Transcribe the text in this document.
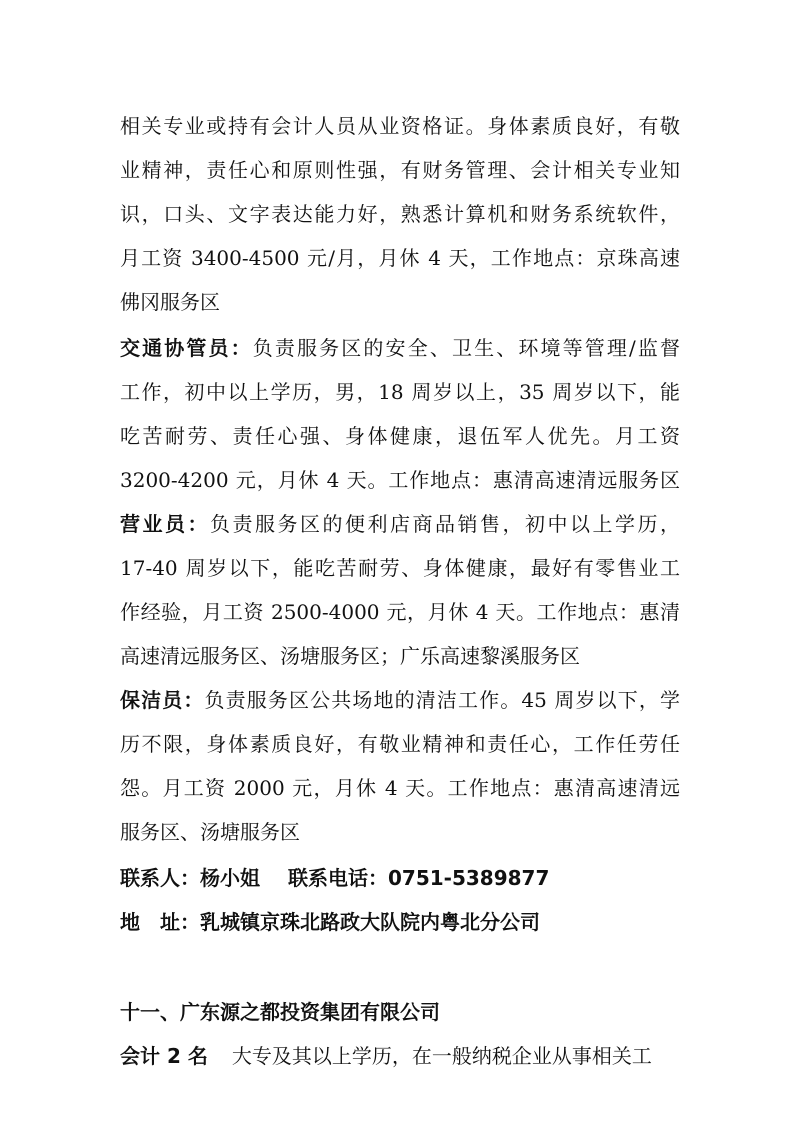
相关专业或持有会计人员从业资格证。身体素质良好，有敬
业精神，责任心和原则性强，有财务管理、会计相关专业知
识，口头、文字表达能力好，熟悉计算机和财务系统软件，
月工资 3400-4500 元/月，月休 4 天，工作地点：京珠高速
佛冈服务区
交通协管员：负责服务区的安全、卫生、环境等管理/监督
工作，初中以上学历，男，18 周岁以上，35 周岁以下，能
吃苦耐劳、责任心强、身体健康，退伍军人优先。月工资
3200-4200 元，月休 4 天。工作地点：惠清高速清远服务区
营业员：负责服务区的便利店商品销售，初中以上学历，
17-40 周岁以下，能吃苦耐劳、身体健康，最好有零售业工
作经验，月工资 2500-4000 元，月休 4 天。工作地点：惠清
高速清远服务区、汤塘服务区；广乐高速黎溪服务区
保洁员：负责服务区公共场地的清洁工作。45 周岁以下，学
历不限，身体素质良好，有敬业精神和责任心，工作任劳任
怨。月工资 2000 元，月休 4 天。工作地点：惠清高速清远
服务区、汤塘服务区
联系人：杨小姐 联系电话：0751-5389877
地　址：乳城镇京珠北路政大队院内粤北分公司
十一、广东源之都投资集团有限公司
会计 2 名 大专及其以上学历，在一般纳税企业从事相关工
